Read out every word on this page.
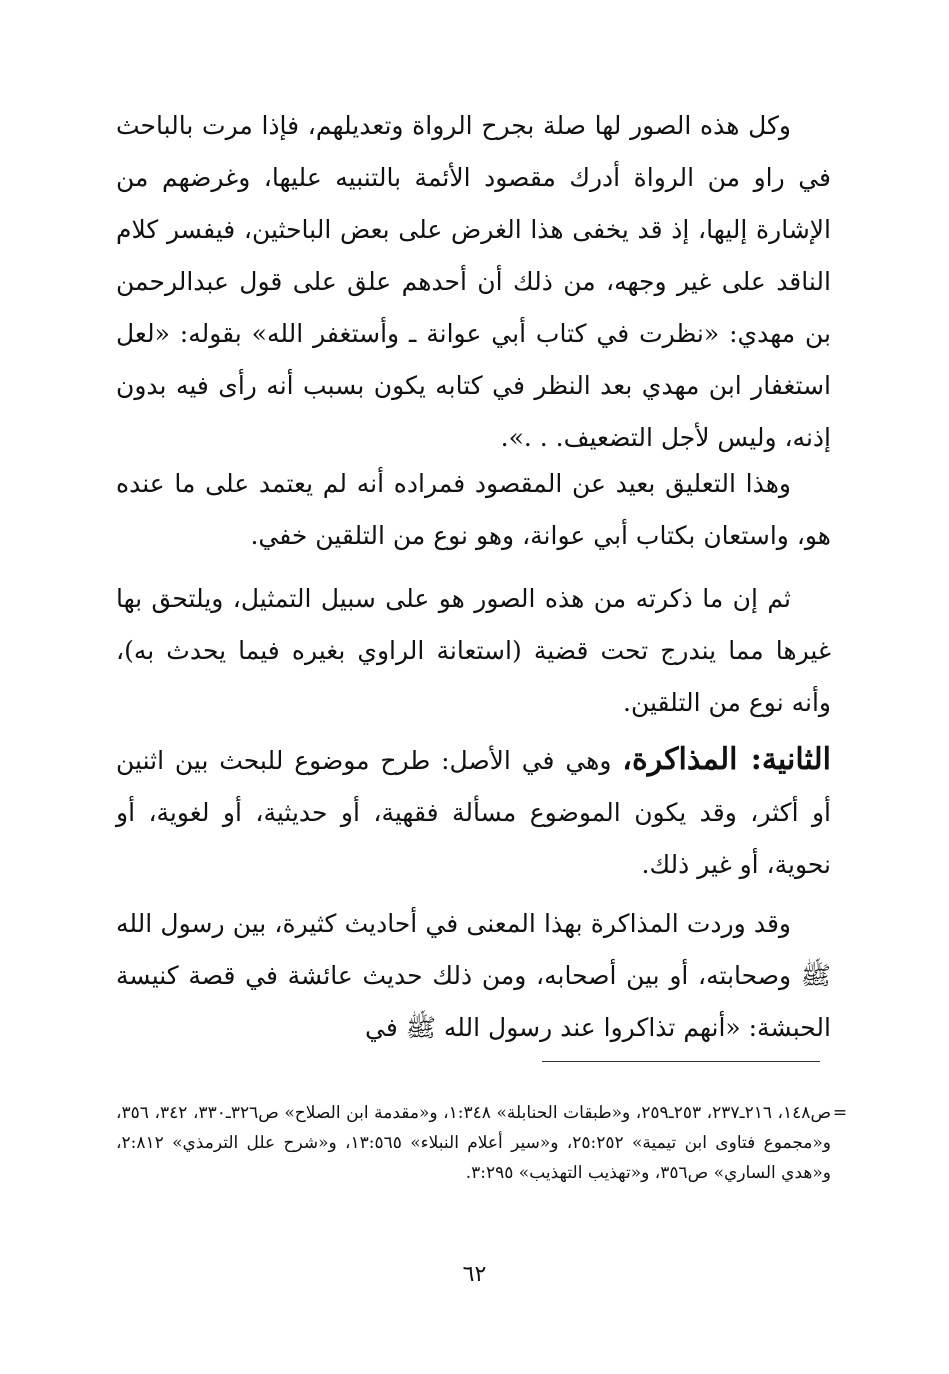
وكل هذه الصور لها صلة بجرح الرواة وتعديلهم، فإذا مرت بالباحث في راو من الرواة أدرك مقصود الأئمة بالتنبيه عليها، وغرضهم من الإشارة إليها، إذ قد يخفى هذا الغرض على بعض الباحثين، فيفسر كلام الناقد على غير وجهه، من ذلك أن أحدهم علق على قول عبدالرحمن بن مهدي: «نظرت في كتاب أبي عوانة ـ وأستغفر الله» بقوله: «لعل استغفار ابن مهدي بعد النظر في كتابه يكون بسبب أنه رأى فيه بدون إذنه، وليس لأجل التضعيف. . .».

وهذا التعليق بعيد عن المقصود فمراده أنه لم يعتمد على ما عنده هو، واستعان بكتاب أبي عوانة، وهو نوع من التلقين خفي.

ثم إن ما ذكرته من هذه الصور هو على سبيل التمثيل، ويلتحق بها غيرها مما يندرج تحت قضية (استعانة الراوي بغيره فيما يحدث به)، وأنه نوع من التلقين.

الثانية: المذاكرة، وهي في الأصل: طرح موضوع للبحث بين اثنين أو أكثر، وقد يكون الموضوع مسألة فقهية، أو حديثية، أو لغوية، أو نحوية، أو غير ذلك.

وقد وردت المذاكرة بهذا المعنى في أحاديث كثيرة، بين رسول الله ﷺ وصحابته، أو بين أصحابه، ومن ذلك حديث عائشة في قصة كنيسة الحبشة: «أنهم تذاكروا عند رسول الله ﷺ في

=

ص١٤٨، ٢١٦ـ٢٣٧، ٢٥٣ـ٢٥٩، و«طبقات الحنابلة» ١:٣٤٨، و«مقدمة ابن الصلاح» ص٣٢٦ـ٣٣٠، ٣٤٢، ٣٥٦، و«مجموع فتاوى ابن تيمية» ٢٥:٢٥٢، و«سير أعلام النبلاء» ١٣:٥٦٥، و«شرح علل الترمذي» ٢:٨١٢، و«هدي الساري» ص٣٥٦، و«تهذيب التهذيب» ٣:٢٩٥.

٦٢
